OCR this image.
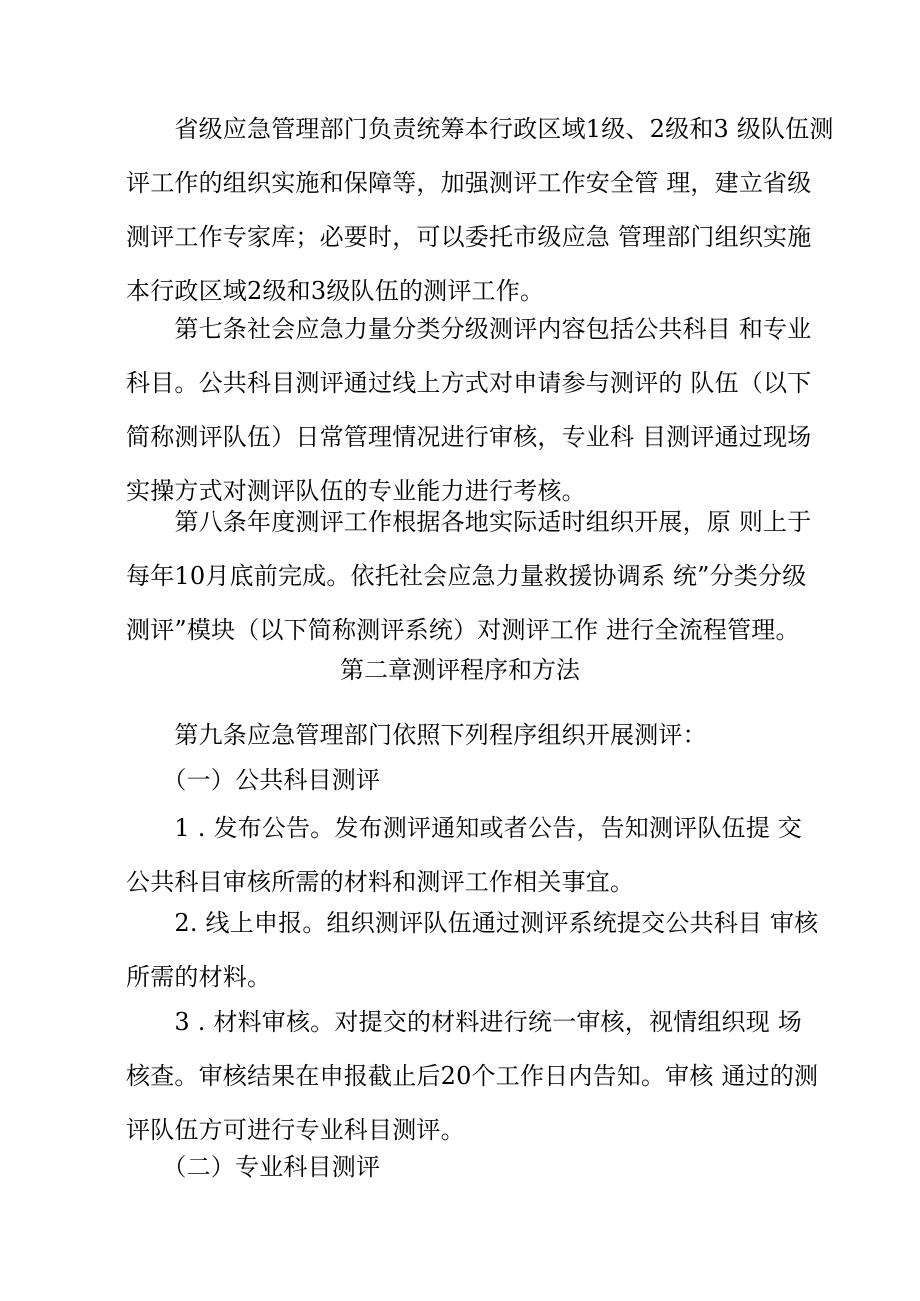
　　省级应急管理部门负责统筹本行政区域1级、2级和3 级队伍测
评工作的组织实施和保障等，加强测评工作安全管 理，建立省级
测评工作专家库；必要时，可以委托市级应急 管理部门组织实施
本行政区域2级和3级队伍的测评工作。

　　第七条社会应急力量分类分级测评内容包括公共科目 和专业
科目。公共科目测评通过线上方式对申请参与测评的 队伍（以下
简称测评队伍）日常管理情况进行审核，专业科 目测评通过现场
实操方式对测评队伍的专业能力进行考核。

　　第八条年度测评工作根据各地实际适时组织开展，原 则上于
每年10月底前完成。依托社会应急力量救援协调系 统”分类分级
测评”模块（以下简称测评系统）对测评工作 进行全流程管理。

第二章测评程序和方法

　　第九条应急管理部门依照下列程序组织开展测评：

　　（一）公共科目测评

　　1 . 发布公告。发布测评通知或者公告，告知测评队伍提 交
公共科目审核所需的材料和测评工作相关事宜。

　　2. 线上申报。组织测评队伍通过测评系统提交公共科目 审核
所需的材料。

　　3 . 材料审核。对提交的材料进行统一审核，视情组织现 场
核查。审核结果在申报截止后20个工作日内告知。审核 通过的测
评队伍方可进行专业科目测评。

　　（二）专业科目测评
